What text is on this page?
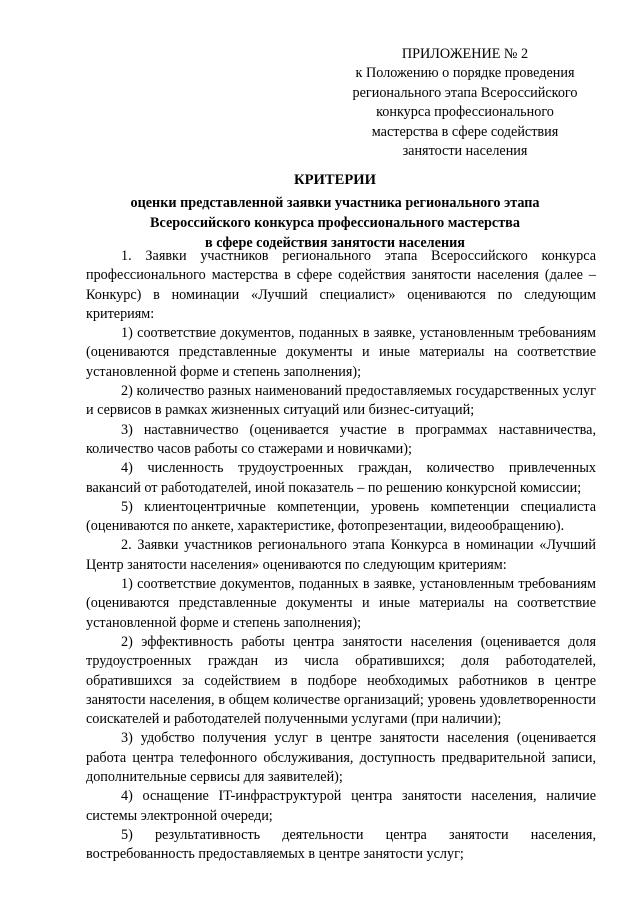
ПРИЛОЖЕНИЕ № 2
к Положению о порядке проведения
регионального этапа Всероссийского
конкурса профессионального
мастерства в сфере содействия
занятости населения
КРИТЕРИИ
оценки представленной заявки участника регионального этапа
Всероссийского конкурса профессионального мастерства
в сфере содействия занятости населения

1. Заявки участников регионального этапа Всероссийского конкурса профессионального мастерства в сфере содействия занятости населения (далее – Конкурс) в номинации «Лучший специалист» оцениваются по следующим критериям:

1) соответствие документов, поданных в заявке, установленным требованиям (оцениваются представленные документы и иные материалы на соответствие установленной форме и степень заполнения);

2) количество разных наименований предоставляемых государственных услуг и сервисов в рамках жизненных ситуаций или бизнес-ситуаций;

3) наставничество (оценивается участие в программах наставничества, количество часов работы со стажерами и новичками);

4) численность трудоустроенных граждан, количество привлеченных вакансий от работодателей, иной показатель – по решению конкурсной комиссии;

5) клиентоцентричные компетенции, уровень компетенции специалиста (оцениваются по анкете, характеристике, фотопрезентации, видеообращению).

2. Заявки участников регионального этапа Конкурса в номинации «Лучший Центр занятости населения» оцениваются по следующим критериям:

1) соответствие документов, поданных в заявке, установленным требованиям (оцениваются представленные документы и иные материалы на соответствие установленной форме и степень заполнения);

2) эффективность работы центра занятости населения (оценивается доля трудоустроенных граждан из числа обратившихся; доля работодателей, обратившихся за содействием в подборе необходимых работников в центре занятости населения, в общем количестве организаций; уровень удовлетворенности соискателей и работодателей полученными услугами (при наличии);

3) удобство получения услуг в центре занятости населения (оценивается работа центра телефонного обслуживания, доступность предварительной записи, дополнительные сервисы для заявителей);

4) оснащение IT-инфраструктурой центра занятости населения, наличие системы электронной очереди;

5) результативность деятельности центра занятости населения, востребованность предоставляемых в центре занятости услуг;
